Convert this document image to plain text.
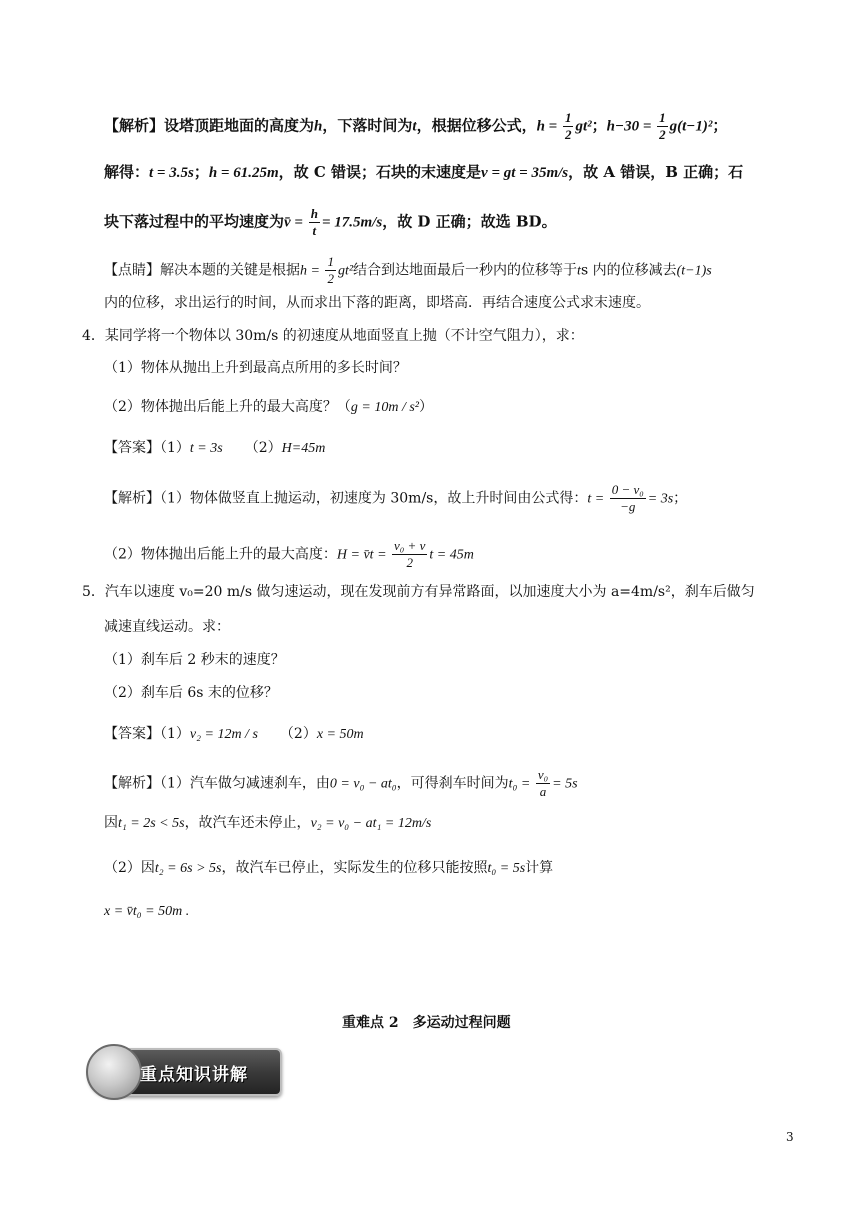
【解析】设塔顶距地面的高度为h，下落时间为t，根据位移公式，$h = \frac{1}{2} gt^2$；$h-30 = \frac{1}{2} g(t-1)^2$；
解得：t = 3.5s；h = 61.25m，故 C 错误；石块的末速度是v = gt = 35m/s，故 A 错误，B 正确；石
块下落过程中的平均速度为v̄ = $\frac{h}{t} = 17.5m/s$，故 D 正确；故选 BD。
【点睛】解决本题的关键是根据$h = \frac{1}{2} gt^2$结合到达地面最后一秒内的位移等于ts 内的位移减去(t−1)s
内的位移，求出运行的时间，从而求出下落的距离，即塔高．再结合速度公式求末速度。
4．某同学将一个物体以 30m/s 的初速度从地面竖直上抛（不计空气阻力），求：
（1）物体从抛出上升到最高点所用的多长时间？
（2）物体抛出后能上升的最大高度？（g = 10m / s²）
【答案】（1）t = 3s （2）H=45m
【解析】（1）物体做竖直上抛运动，初速度为 30m/s，故上升时间由公式得：$t = \frac{\text{0 − v₀}}{-g} = 3s$；
（2）物体抛出后能上升的最大高度：H = v̄t = $\frac{\text{v₀ + v}}{2}$ t = 45m
5．汽车以速度 v₀=20 m/s 做匀速运动，现在发现前方有异常路面，以加速度大小为 a=4m/s²，刹车后做匀
减速直线运动。求：
（1）刹车后 2 秒末的速度？
（2）刹车后 6s 末的位移？
【答案】（1）v₂ = 12m / s （2）x = 50m
【解析】（1）汽车做匀减速刹车，由0 = v₀ − at₀，可得刹车时间为$t_0 = \frac{\text{v₀}}{a} = 5s$
因t₁ = 2s < 5s，故汽车还未停止，v₂ = v₀ − at₁ = 12m/s
（2）因t₂ = 6s > 5s，故汽车已停止，实际发生的位移只能按照t₀ = 5s计算
x = v̄t₀ = 50m .
重难点 2　多运动过程问题
重点知识讲解
3
